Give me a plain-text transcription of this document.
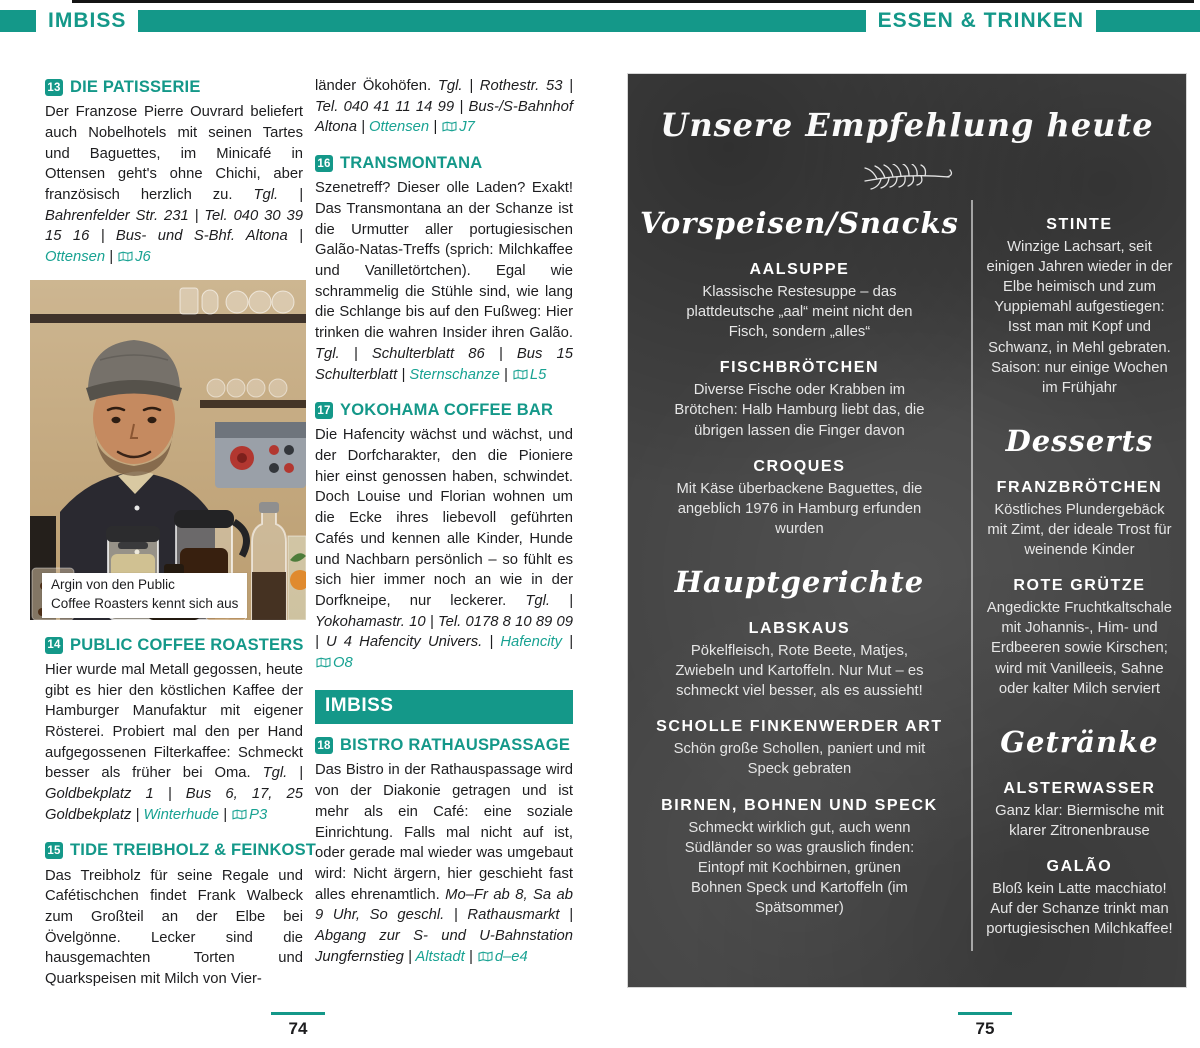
IMBISS	ESSEN & TRINKEN
13 DIE PATISSERIE

Der Franzose Pierre Ouvrard beliefert auch Nobelhotels mit seinen Tartes und Baguettes, im Minicafé in Ottensen geht's ohne Chichi, aber französisch herzlich zu. Tgl. | Bahrenfelder Str. 231 | Tel. 040 30 39 15 16 | Bus- und S-Bhf. Altona | Ottensen | J6

Argin von den Public
Coffee Roasters kennt sich aus
14 PUBLIC COFFEE ROASTERS

Hier wurde mal Metall gegossen, heute gibt es hier den köstlichen Kaffee der Hamburger Manufaktur mit eigener Rösterei. Probiert mal den per Hand aufgegossenen Filterkaffee: Schmeckt besser als früher bei Oma. Tgl. | Goldbekplatz 1 | Bus 6, 17, 25 Goldbekplatz | Winterhude | P3

15 TIDE TREIBHOLZ & FEINKOST

Das Treibholz für seine Regale und Cafétischchen findet Frank Walbeck zum Großteil an der Elbe bei Övelgönne. Lecker sind die hausgemachten Torten und Quarkspeisen mit Milch von Vier-

länder Ökohöfen. Tgl. | Rothestr. 53 | Tel. 040 41 11 14 99 | Bus-/S-Bahnhof Altona | Ottensen | J7

16 TRANSMONTANA

Szenetreff? Dieser olle Laden? Exakt! Das Transmontana an der Schanze ist die Urmutter aller portugiesischen Galão-Natas-Treffs (sprich: Milchkaffee und Vanilletörtchen). Egal wie schrammelig die Stühle sind, wie lang die Schlange bis auf den Fußweg: Hier trinken die wahren Insider ihren Galão. Tgl. | Schulterblatt 86 | Bus 15 Schulterblatt | Sternschanze | L5

17 YOKOHAMA COFFEE BAR

Die Hafencity wächst und wächst, und der Dorfcharakter, den die Pioniere hier einst genossen haben, schwindet. Doch Louise und Florian wohnen um die Ecke ihres liebevoll geführten Cafés und kennen alle Kinder, Hunde und Nachbarn persönlich – so fühlt es sich hier immer noch an wie in der Dorfkneipe, nur leckerer. Tgl. | Yokohamastr. 10 | Tel. 0178 8 10 89 09 | U 4 Hafencity Univers. | Hafencity | O8

IMBISS
18 BISTRO RATHAUSPASSAGE

Das Bistro in der Rathauspassage wird von der Diakonie getragen und ist mehr als ein Café: eine soziale Einrichtung. Falls mal nicht auf ist, oder gerade mal wieder was umgebaut wird: Nicht ärgern, hier geschieht fast alles ehrenamtlich. Mo–Fr ab 8, Sa ab 9 Uhr, So geschl. | Rathausmarkt | Abgang zur S- und U-Bahnstation Jungfernstieg | Altstadt | d–e4

Unsere Empfehlung heute
Vorspeisen/Snacks
AALSUPPE
Klassische Restesuppe – das plattdeutsche „aal“ meint nicht den Fisch, sondern „alles“
FISCHBRÖTCHEN
Diverse Fische oder Krabben im Brötchen: Halb Hamburg liebt das, die übrigen lassen die Finger davon
CROQUES
Mit Käse überbackene Baguettes, die angeblich 1976 in Hamburg erfunden wurden
Hauptgerichte
LABSKAUS
Pökelfleisch, Rote Beete, Matjes, Zwiebeln und Kartoffeln. Nur Mut – es schmeckt viel besser, als es aussieht!
SCHOLLE FINKENWERDER ART
Schön große Schollen, paniert und mit Speck gebraten
BIRNEN, BOHNEN UND SPECK
Schmeckt wirklich gut, auch wenn Südländer so was grauslich finden: Eintopf mit Kochbirnen, grünen Bohnen Speck und Kartoffeln (im Spätsommer)
STINTE
Winzige Lachsart, seit einigen Jahren wieder in der Elbe heimisch und zum Yuppiemahl aufgestiegen: Isst man mit Kopf und Schwanz, in Mehl gebraten. Saison: nur einige Wochen im Frühjahr
Desserts
FRANZBRÖTCHEN
Köstliches Plundergebäck mit Zimt, der ideale Trost für weinende Kinder
ROTE GRÜTZE
Angedickte Fruchtkaltschale mit Johannis-, Him- und Erdbeeren sowie Kirschen; wird mit Vanilleeis, Sahne oder kalter Milch serviert
Getränke
ALSTERWASSER
Ganz klar: Biermische mit klarer Zitronenbrause
GALÃO
Bloß kein Latte macchiato! Auf der Schanze trinkt man portugiesischen Milchkaffee!
74	75
